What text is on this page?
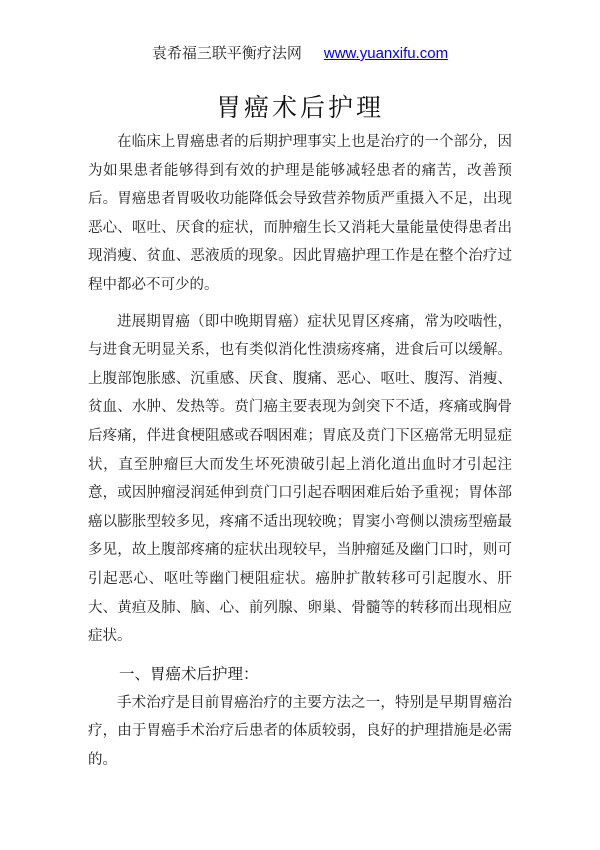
袁希福三联平衡疗法网 www.yuanxifu.com
胃癌术后护理

在临床上胃癌患者的后期护理事实上也是治疗的一个部分，因为如果患者能够得到有效的护理是能够减轻患者的痛苦，改善预后。胃癌患者胃吸收功能降低会导致营养物质严重摄入不足，出现恶心、呕吐、厌食的症状，而肿瘤生长又消耗大量能量使得患者出现消瘦、贫血、恶液质的现象。因此胃癌护理工作是在整个治疗过程中都必不可少的。

进展期胃癌（即中晚期胃癌）症状见胃区疼痛，常为咬啮性，与进食无明显关系，也有类似消化性溃疡疼痛，进食后可以缓解。上腹部饱胀感、沉重感、厌食、腹痛、恶心、呕吐、腹泻、消瘦、贫血、水肿、发热等。贲门癌主要表现为剑突下不适，疼痛或胸骨后疼痛，伴进食梗阻感或吞咽困难；胃底及贲门下区癌常无明显症状，直至肿瘤巨大而发生坏死溃破引起上消化道出血时才引起注意，或因肿瘤浸润延伸到贲门口引起吞咽困难后始予重视；胃体部癌以膨胀型较多见，疼痛不适出现较晚；胃窦小弯侧以溃疡型癌最多见，故上腹部疼痛的症状出现较早，当肿瘤延及幽门口时，则可引起恶心、呕吐等幽门梗阻症状。癌肿扩散转移可引起腹水、肝大、黄疸及肺、脑、心、前列腺、卵巢、骨髓等的转移而出现相应症状。

一、胃癌术后护理：

手术治疗是目前胃癌治疗的主要方法之一，特别是早期胃癌治疗，由于胃癌手术治疗后患者的体质较弱，良好的护理措施是必需的。
